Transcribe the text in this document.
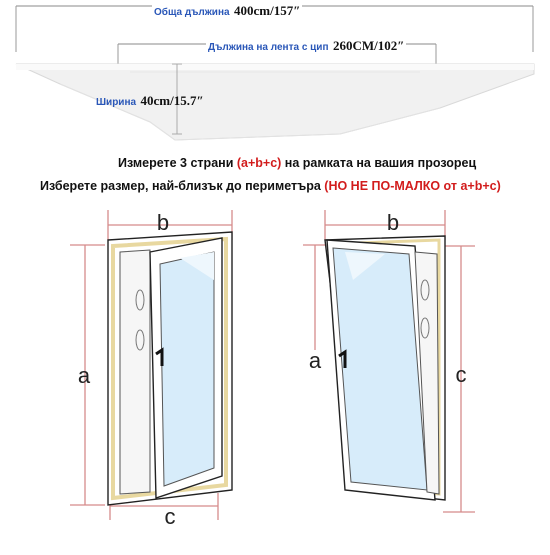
Обща дължина 400cm/157″
Дължина на лента с цип 260CM/102″
Ширина 40cm/15.7″
Измерете 3 страни (a+b+c) на рамката на вашия прозорец
Изберете размер, най-близък до периметъра (НО НЕ ПО-МАЛКО от a+b+c)
b
a
c
b
a
c
